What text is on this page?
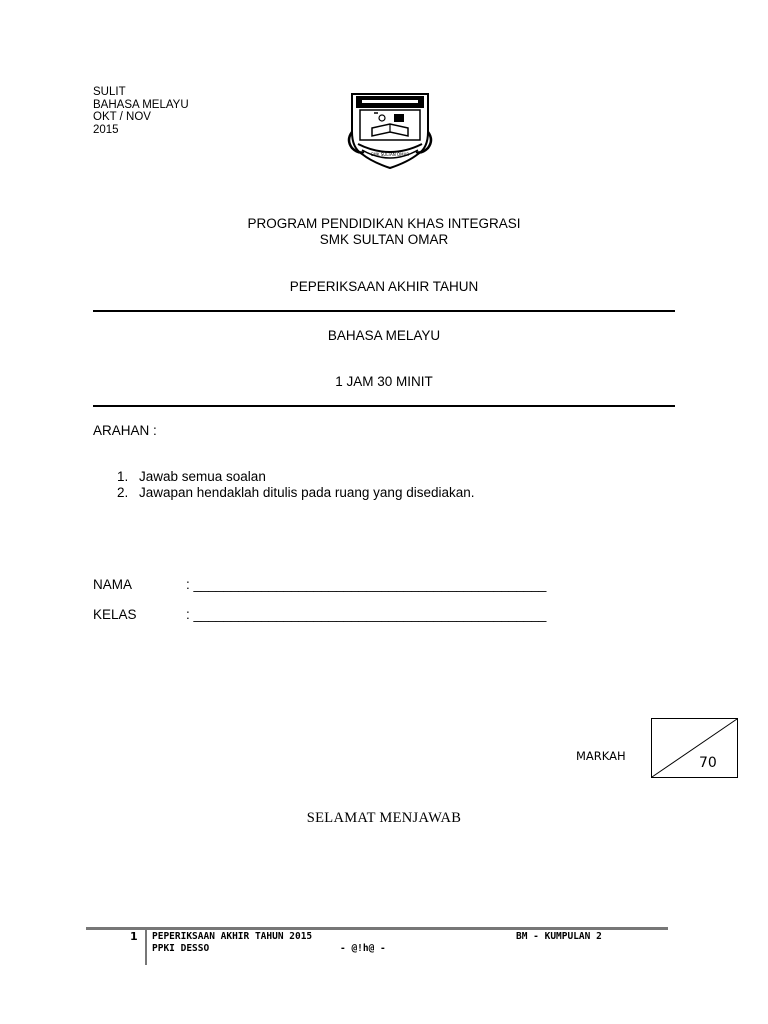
SULIT
BAHASA MELAYU
OKT / NOV
2015
SMK SULTAN OMAR
PROGRAM PENDIDIKAN KHAS INTEGRASI
SMK SULTAN OMAR
PEPERIKSAAN AKHIR TAHUN
BAHASA MELAYU
1 JAM 30 MINIT
ARAHAN :
1. Jawab semua soalan
2. Jawapan hendaklah ditulis pada ruang yang disediakan.
NAMA	: _______________________________________________
KELAS	: _______________________________________________
MARKAH	70
SELAMAT MENJAWAB
1 PEPERIKSAAN AKHIR TAHUN 2015	BM - KUMPULAN 2
PPKI DESSO	- @!h@ -
